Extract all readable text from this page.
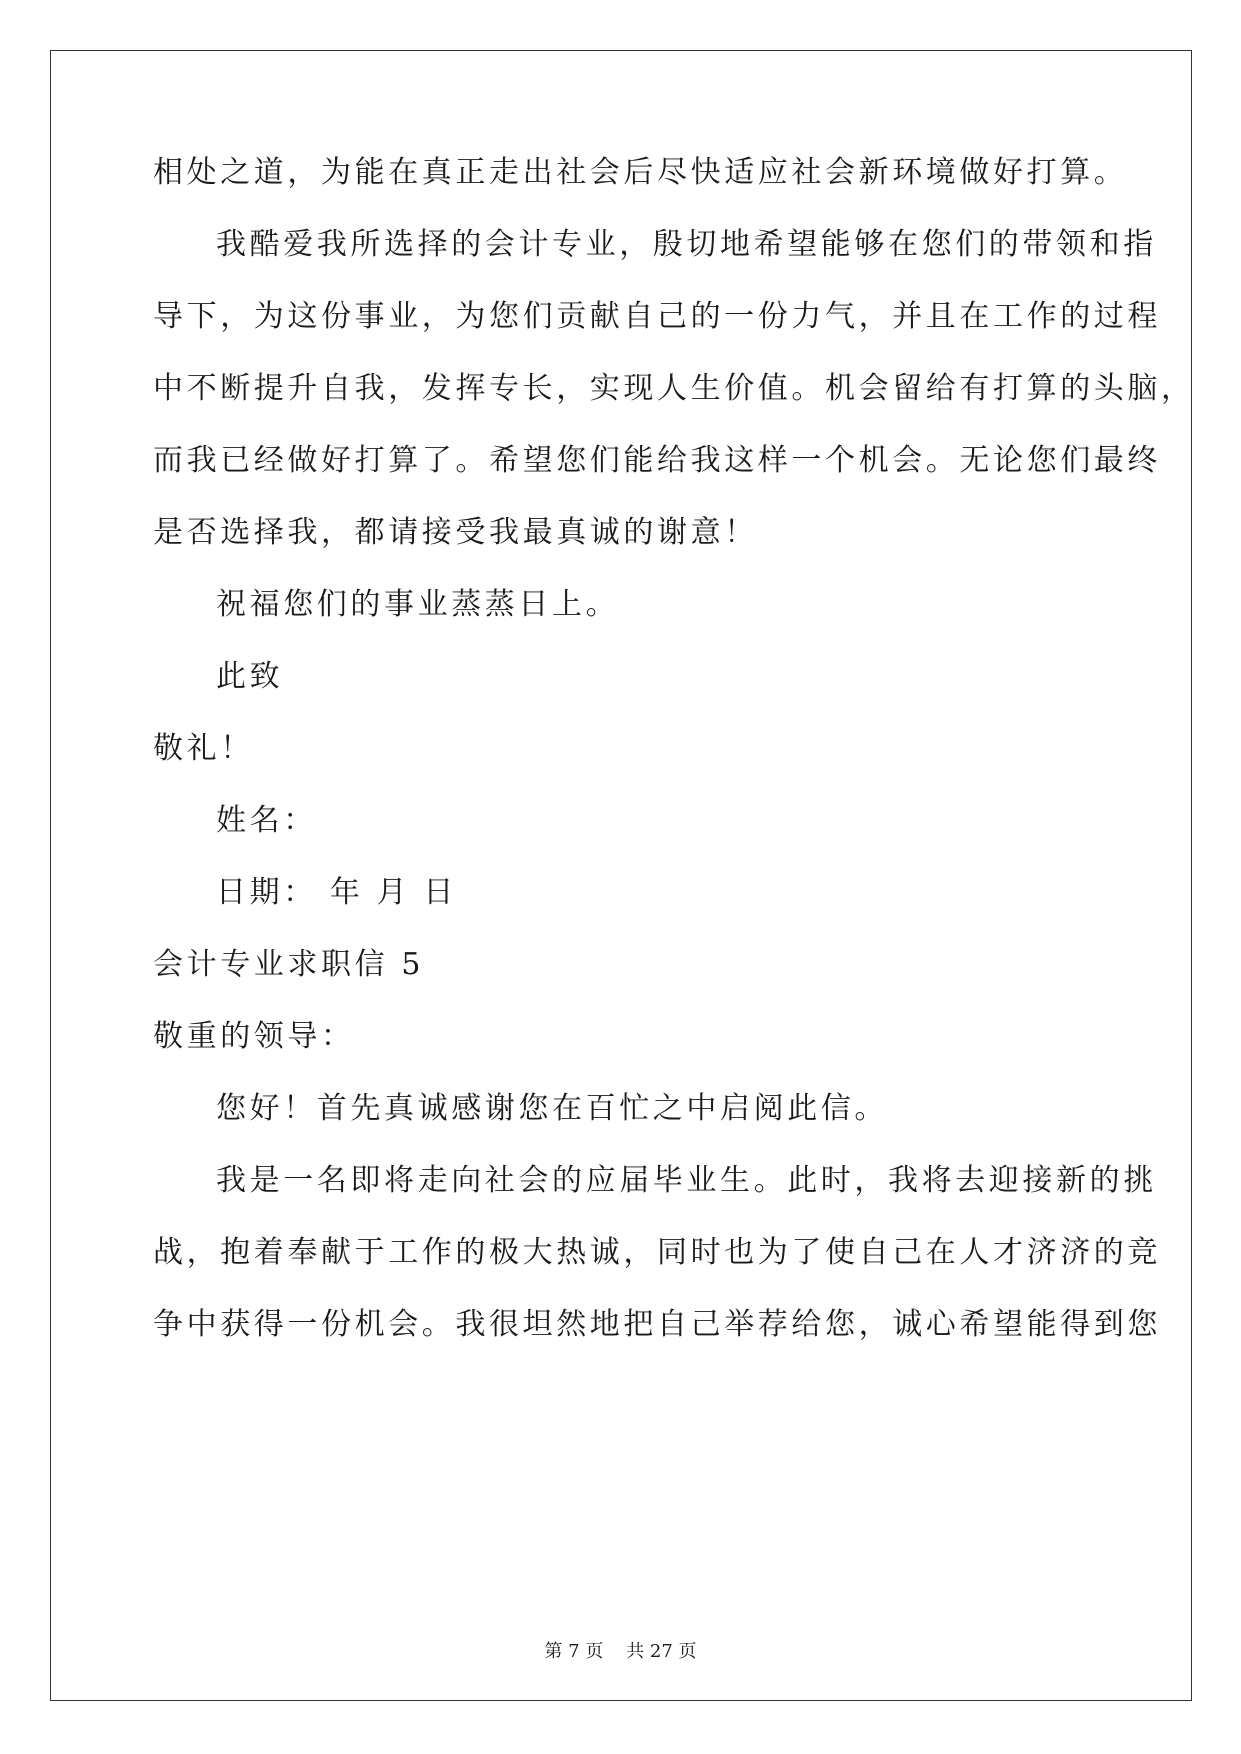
相处之道，为能在真正走出社会后尽快适应社会新环境做好打算。
我酷爱我所选择的会计专业，殷切地希望能够在您们的带领和指
导下，为这份事业，为您们贡献自己的一份力气，并且在工作的过程
中不断提升自我，发挥专长，实现人生价值。机会留给有打算的头脑，
而我已经做好打算了。希望您们能给我这样一个机会。无论您们最终
是否选择我，都请接受我最真诚的谢意！
祝福您们的事业蒸蒸日上。
此致
敬礼！
姓名：
日期： 年 月 日
会计专业求职信 5
敬重的领导：
您好！首先真诚感谢您在百忙之中启阅此信。
我是一名即将走向社会的应届毕业生。此时，我将去迎接新的挑
战，抱着奉献于工作的极大热诚，同时也为了使自己在人才济济的竞
争中获得一份机会。我很坦然地把自己举荐给您，诚心希望能得到您
第 7 页    共 27 页
